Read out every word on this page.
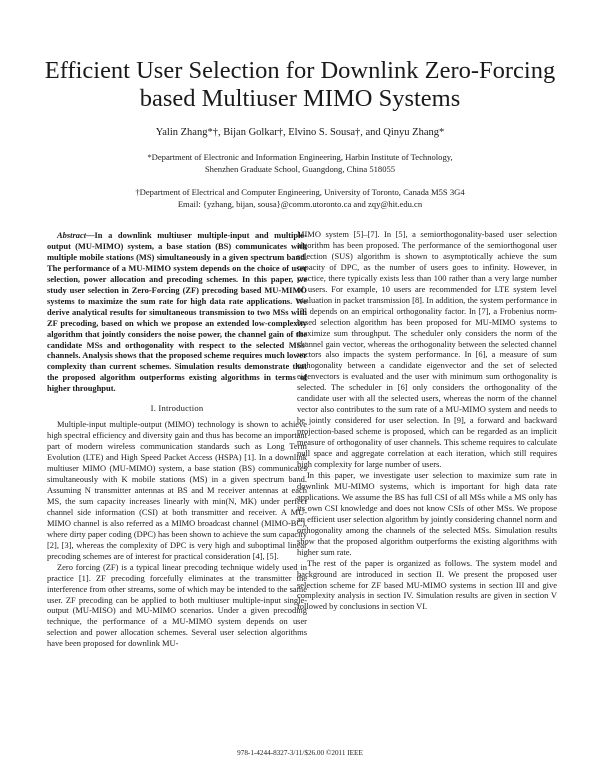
Efficient User Selection for Downlink Zero-Forcing
based Multiuser MIMO Systems
Yalin Zhang*†, Bijan Golkar†, Elvino S. Sousa†, and Qinyu Zhang*
*Department of Electronic and Information Engineering, Harbin Institute of Technology,
Shenzhen Graduate School, Guangdong, China 518055
†Department of Electrical and Computer Engineering, University of Toronto, Canada M5S 3G4
Email: {yzhang, bijan, sousa}@comm.utoronto.ca and zqy@hit.edu.cn

Abstract—In a downlink multiuser multiple-input and multiple-output (MU-MIMO) system, a base station (BS) communicates with multiple mobile stations (MS) simultaneously in a given spectrum band. The performance of a MU-MIMO system depends on the choice of user selection, power allocation and precoding schemes. In this paper, we study user selection in Zero-Forcing (ZF) precoding based MU-MIMO systems to maximize the sum rate for high data rate applications. We derive analytical results for simultaneous transmission to two MSs with ZF precoding, based on which we propose an extended low-complexity algorithm that jointly considers the noise power, the channel gain of the candidate MSs and orthogonality with respect to the selected MSs' channels. Analysis shows that the proposed scheme requires much lower complexity than current schemes. Simulation results demonstrate that the proposed algorithm outperforms existing algorithms in terms of higher throughput.

I. Introduction

Multiple-input multiple-output (MIMO) technology is shown to achieve high spectral efficiency and diversity gain and thus has become an important part of modern wireless communication standards such as Long Term Evolution (LTE) and High Speed Packet Access (HSPA) [1]. In a downlink multiuser MIMO (MU-MIMO) system, a base station (BS) communicates simultaneously with K mobile stations (MS) in a given spectrum band. Assuming N transmitter antennas at BS and M receiver antennas at each MS, the sum capacity increases linearly with min(N, MK) under perfect channel side information (CSI) at both transmitter and receiver. A MU-MIMO channel is also referred as a MIMO broadcast channel (MIMO-BC), where dirty paper coding (DPC) has been shown to achieve the sum capacity [2], [3], whereas the complexity of DPC is very high and suboptimal linear precoding schemes are of interest for practical consideration [4], [5].

Zero forcing (ZF) is a typical linear precoding technique widely used in practice [1]. ZF precoding forcefully eliminates at the transmitter the interference from other streams, some of which may be intended to the same user. ZF precoding can be applied to both multiuser multiple-input single-output (MU-MISO) and MU-MIMO scenarios. Under a given precoding technique, the performance of a MU-MIMO system depends on user selection and power allocation schemes. Several user selection algorithms have been proposed for downlink MU-

MIMO system [5]–[7]. In [5], a semiorthogonality-based user selection algorithm has been proposed. The performance of the semiorthogonal user selection (SUS) algorithm is shown to asymptotically achieve the sum capacity of DPC, as the number of users goes to infinity. However, in practice, there typically exists less than 100 rather than a very large number of users. For example, 10 users are recommended for LTE system level evaluation in packet transmission [8]. In addition, the system performance in [5] depends on an empirical orthogonality factor. In [7], a Frobenius norm-based selection algorithm has been proposed for MU-MIMO systems to maximize sum throughput. The scheduler only considers the norm of the channel gain vector, whereas the orthogonality between the selected channel vectors also impacts the system performance. In [6], a measure of sum orthogonality between a candidate eigenvector and the set of selected eigenvectors is evaluated and the user with minimum sum orthogonality is selected. The scheduler in [6] only considers the orthogonality of the candidate user with all the selected users, whereas the norm of the channel vector also contributes to the sum rate of a MU-MIMO system and needs to be jointly considered for user selection. In [9], a forward and backward projection-based scheme is proposed, which can be regarded as an implicit measure of orthogonality of user channels. This scheme requires to calculate null space and aggregate correlation at each iteration, which still requires high complexity for large number of users.

In this paper, we investigate user selection to maximize sum rate in downlink MU-MIMO systems, which is important for high data rate applications. We assume the BS has full CSI of all MSs while a MS only has its own CSI knowledge and does not know CSIs of other MSs. We propose an efficient user selection algorithm by jointly considering channel norm and orthogonality among the channels of the selected MSs. Simulation results show that the proposed algorithm outperforms the existing algorithms with higher sum rate.

The rest of the paper is organized as follows. The system model and background are introduced in section II. We present the proposed user selection scheme for ZF based MU-MIMO systems in section III and give complexity analysis in section IV. Simulation results are given in section V followed by conclusions in section VI.

978-1-4244-8327-3/11/$26.00 ©2011 IEEE
